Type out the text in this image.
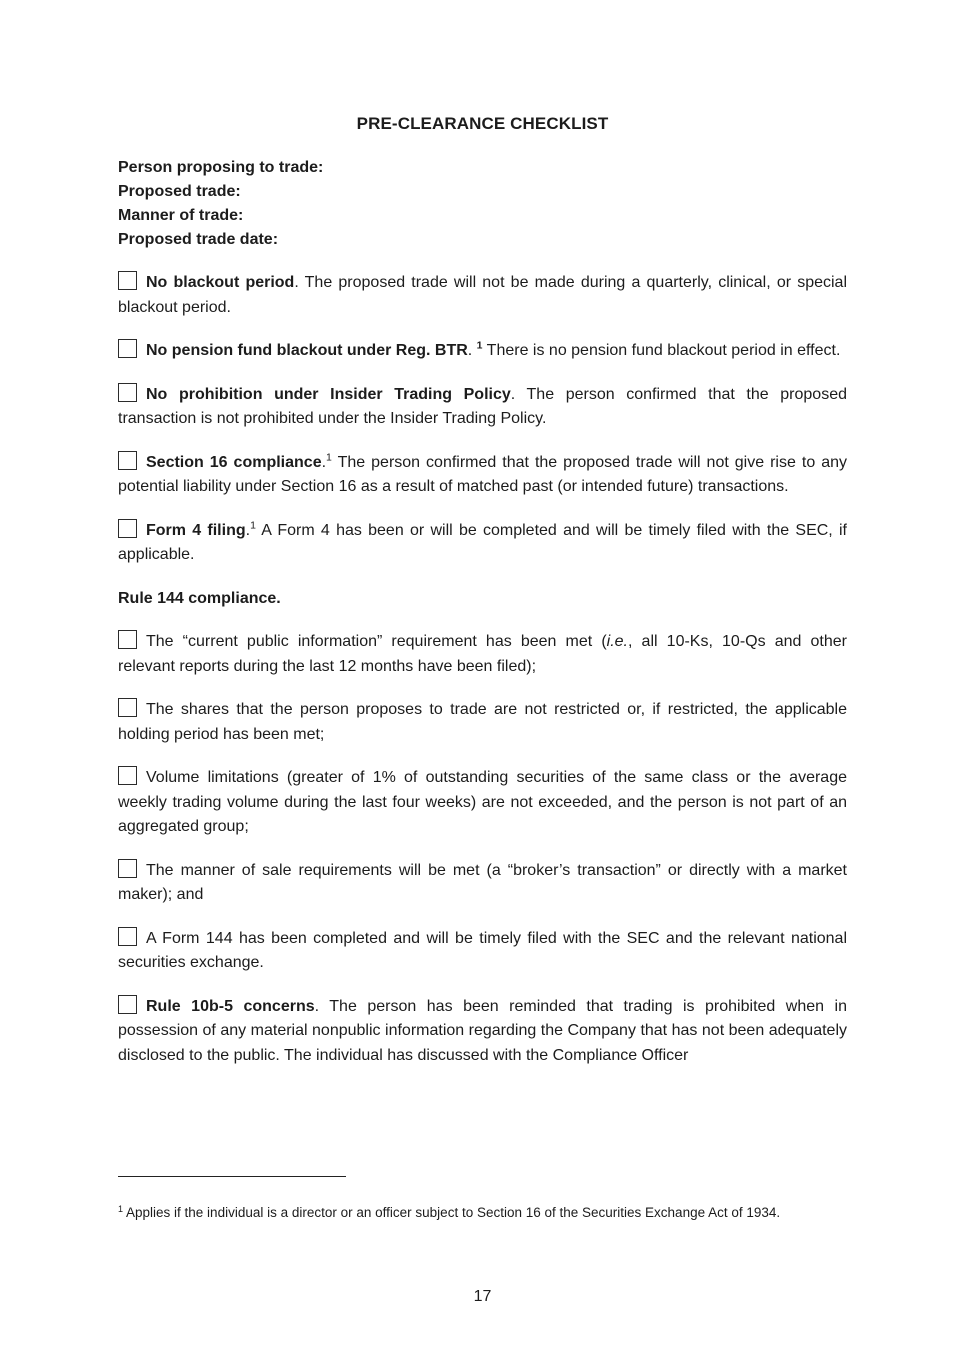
PRE-CLEARANCE CHECKLIST

Person proposing to trade:

Proposed trade:

Manner of trade:

Proposed trade date:

No blackout period. The proposed trade will not be made during a quarterly, clinical, or special blackout period.

No pension fund blackout under Reg. BTR. $^1$ There is no pension fund blackout period in effect.

No prohibition under Insider Trading Policy. The person confirmed that the proposed transaction is not prohibited under the Insider Trading Policy.

Section 16 compliance.$^1$ The person confirmed that the proposed trade will not give rise to any potential liability under Section 16 as a result of matched past (or intended future) transactions.

Form 4 filing.$^1$ A Form 4 has been or will be completed and will be timely filed with the SEC, if applicable.

Rule 144 compliance.

The “current public information” requirement has been met (i.e., all 10-Ks, 10-Qs and other relevant reports during the last 12 months have been filed);

The shares that the person proposes to trade are not restricted or, if restricted, the applicable holding period has been met;

Volume limitations (greater of 1% of outstanding securities of the same class or the average weekly trading volume during the last four weeks) are not exceeded, and the person is not part of an aggregated group;

The manner of sale requirements will be met (a “broker’s transaction” or directly with a market maker); and

A Form 144 has been completed and will be timely filed with the SEC and the relevant national securities exchange.

Rule 10b-5 concerns. The person has been reminded that trading is prohibited when in possession of any material nonpublic information regarding the Company that has not been adequately disclosed to the public. The individual has discussed with the Compliance Officer

$^1$ Applies if the individual is a director or an officer subject to Section 16 of the Securities Exchange Act of 1934.

17
